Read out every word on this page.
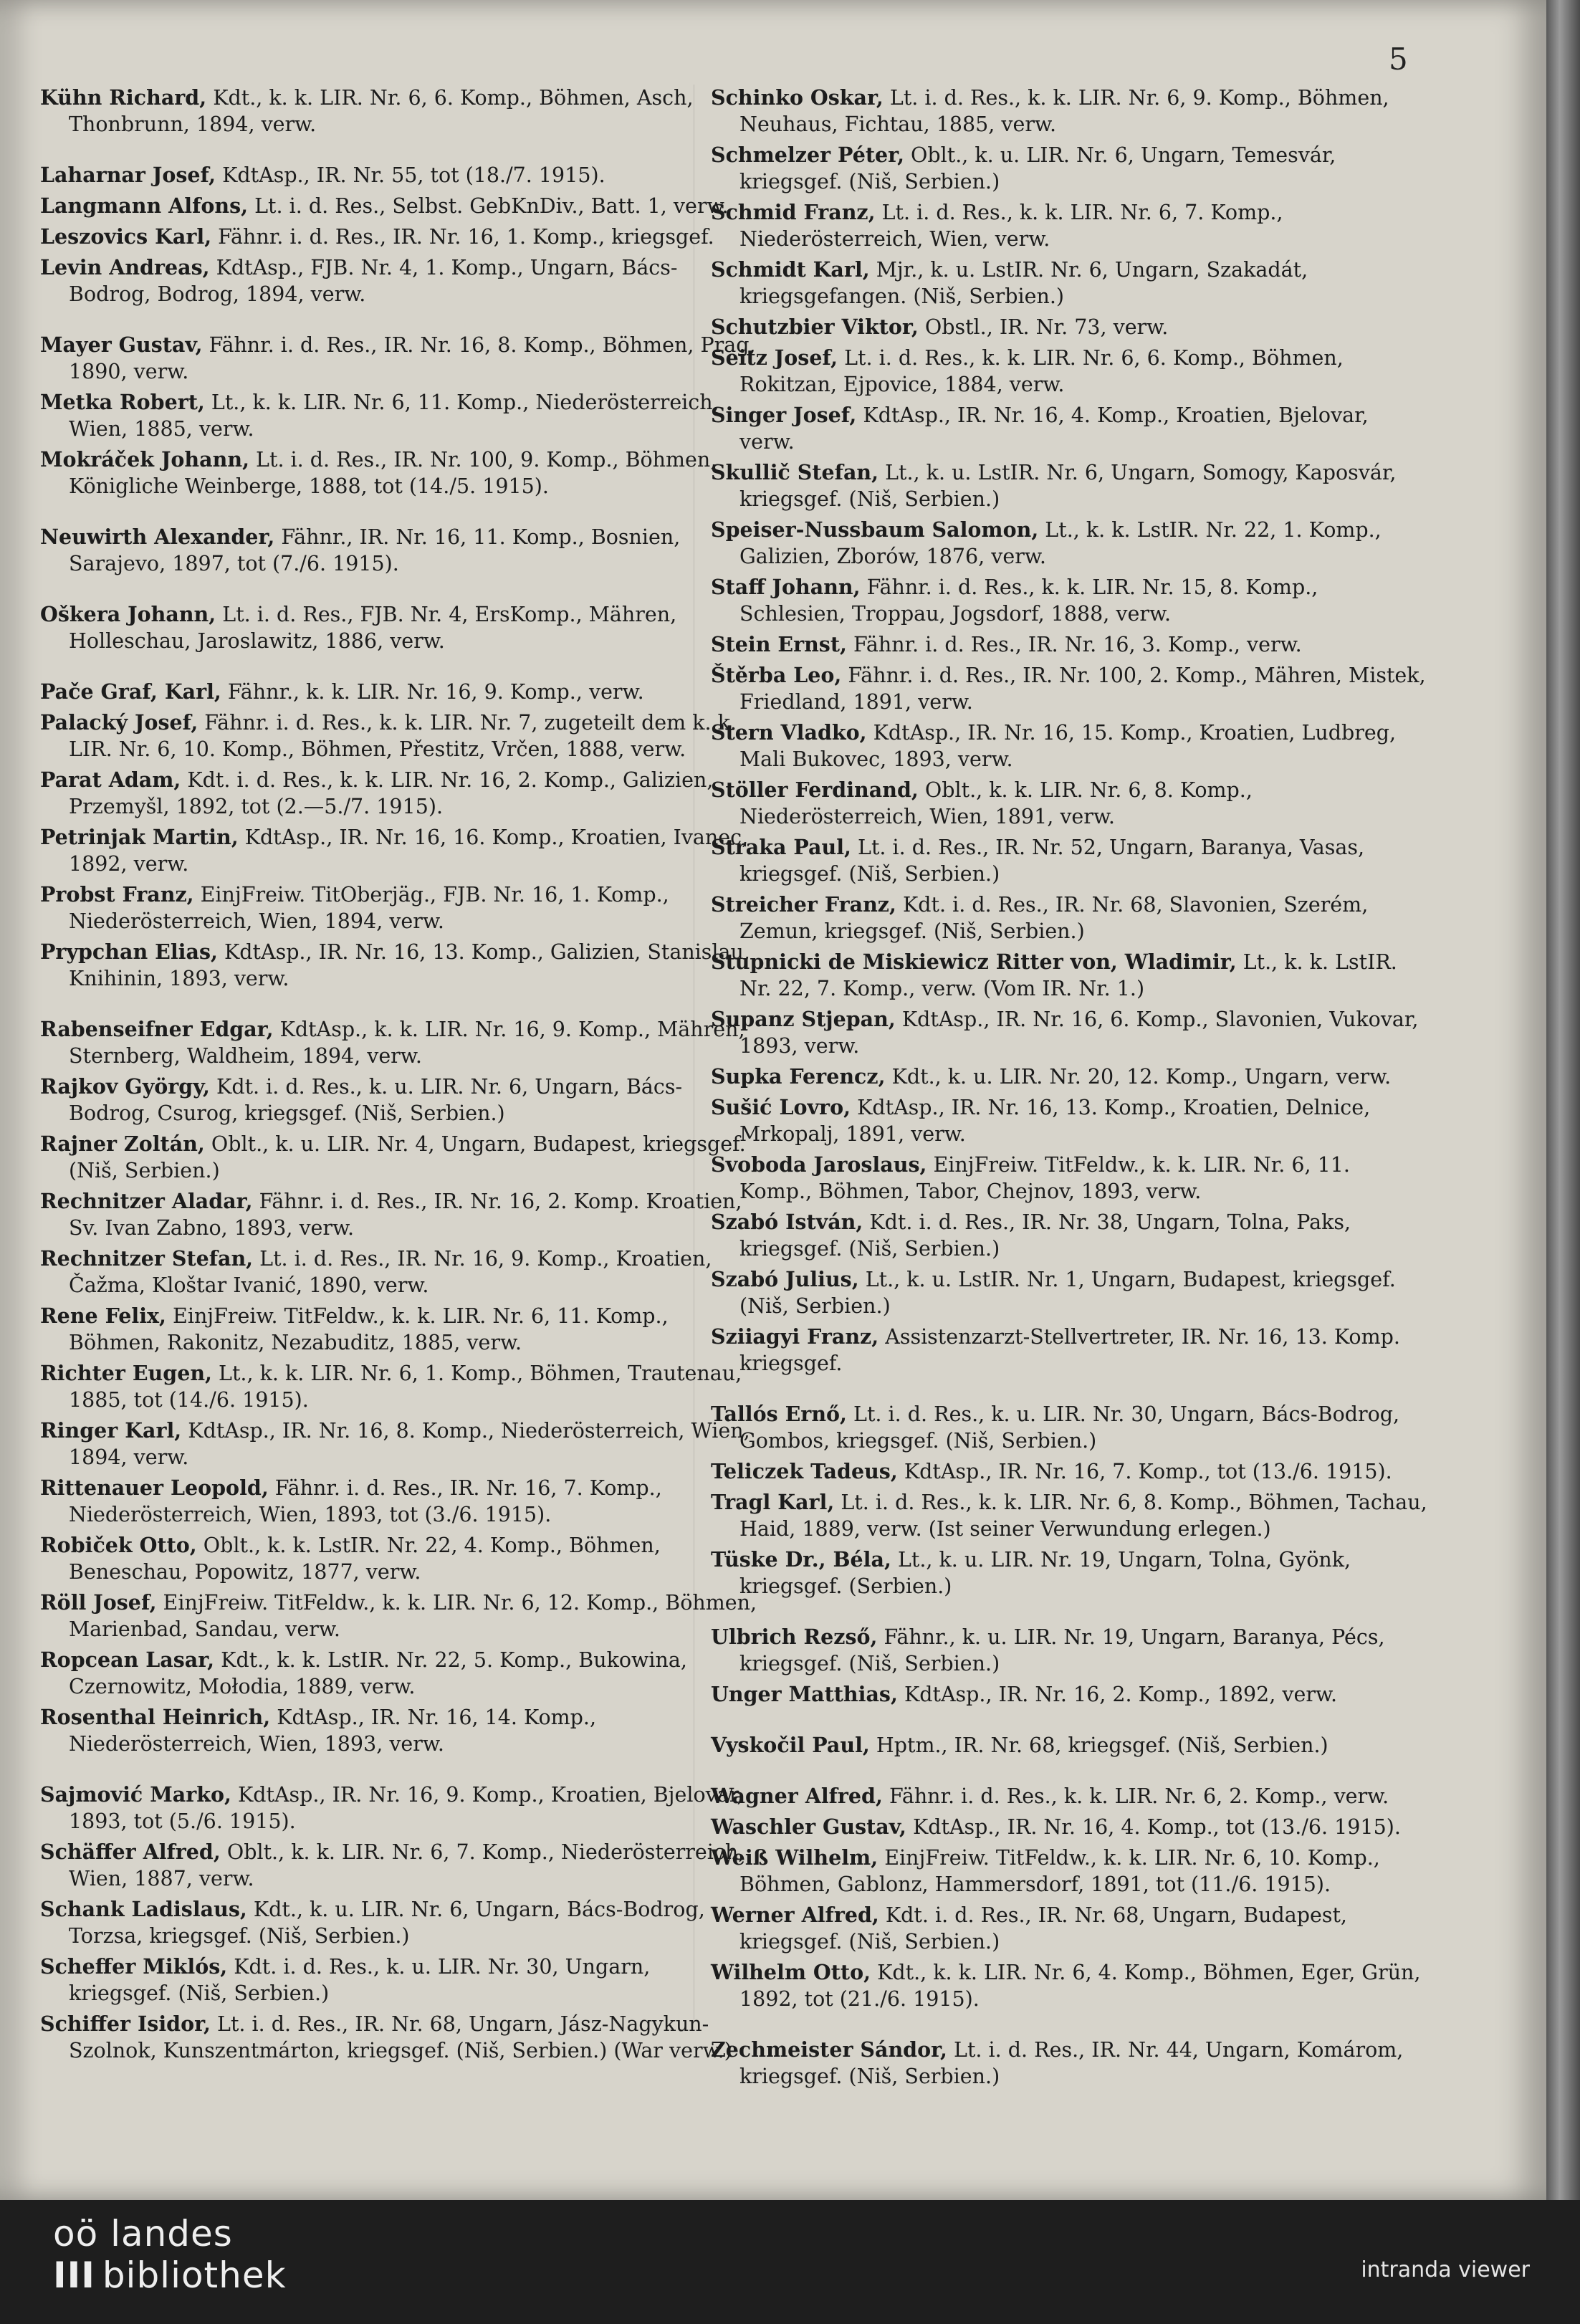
5
Kühn Richard, Kdt., k. k. LIR. Nr. 6, 6. Komp., Böhmen, Asch, Thonbrunn, 1894, verw.
Laharnar Josef, KdtAsp., IR. Nr. 55, tot (18./7. 1915).
Langmann Alfons, Lt. i. d. Res., Selbst. GebKnDiv., Batt. 1, verw.
Leszovics Karl, Fähnr. i. d. Res., IR. Nr. 16, 1. Komp., kriegsgef.
Levin Andreas, KdtAsp., FJB. Nr. 4, 1. Komp., Ungarn, Bács-Bodrog, Bodrog, 1894, verw.
Mayer Gustav, Fähnr. i. d. Res., IR. Nr. 16, 8. Komp., Böhmen, Prag, 1890, verw.
Metka Robert, Lt., k. k. LIR. Nr. 6, 11. Komp., Niederösterreich, Wien, 1885, verw.
Mokráček Johann, Lt. i. d. Res., IR. Nr. 100, 9. Komp., Böhmen, Königliche Weinberge, 1888, tot (14./5. 1915).
Neuwirth Alexander, Fähnr., IR. Nr. 16, 11. Komp., Bosnien, Sarajevo, 1897, tot (7./6. 1915).
Oškera Johann, Lt. i. d. Res., FJB. Nr. 4, ErsKomp., Mähren, Holleschau, Jaroslawitz, 1886, verw.
Pače Graf, Karl, Fähnr., k. k. LIR. Nr. 16, 9. Komp., verw.
Palacký Josef, Fähnr. i. d. Res., k. k. LIR. Nr. 7, zugeteilt dem k. k. LIR. Nr. 6, 10. Komp., Böhmen, Přestitz, Vrčen, 1888, verw.
Parat Adam, Kdt. i. d. Res., k. k. LIR. Nr. 16, 2. Komp., Galizien, Przemyšl, 1892, tot (2.—5./7. 1915).
Petrinjak Martin, KdtAsp., IR. Nr. 16, 16. Komp., Kroatien, Ivanec, 1892, verw.
Probst Franz, EinjFreiw. TitOberjäg., FJB. Nr. 16, 1. Komp., Niederösterreich, Wien, 1894, verw.
Prypchan Elias, KdtAsp., IR. Nr. 16, 13. Komp., Galizien, Stanislau, Knihinin, 1893, verw.
Rabenseifner Edgar, KdtAsp., k. k. LIR. Nr. 16, 9. Komp., Mähren, Sternberg, Waldheim, 1894, verw.
Rajkov György, Kdt. i. d. Res., k. u. LIR. Nr. 6, Ungarn, Bács-Bodrog, Csurog, kriegsgef. (Niš, Serbien.)
Rajner Zoltán, Oblt., k. u. LIR. Nr. 4, Ungarn, Budapest, kriegsgef. (Niš, Serbien.)
Rechnitzer Aladar, Fähnr. i. d. Res., IR. Nr. 16, 2. Komp. Kroatien, Sv. Ivan Zabno, 1893, verw.
Rechnitzer Stefan, Lt. i. d. Res., IR. Nr. 16, 9. Komp., Kroatien, Čažma, Kloštar Ivanić, 1890, verw.
Rene Felix, EinjFreiw. TitFeldw., k. k. LIR. Nr. 6, 11. Komp., Böhmen, Rakonitz, Nezabuditz, 1885, verw.
Richter Eugen, Lt., k. k. LIR. Nr. 6, 1. Komp., Böhmen, Trautenau, 1885, tot (14./6. 1915).
Ringer Karl, KdtAsp., IR. Nr. 16, 8. Komp., Niederösterreich, Wien, 1894, verw.
Rittenauer Leopold, Fähnr. i. d. Res., IR. Nr. 16, 7. Komp., Niederösterreich, Wien, 1893, tot (3./6. 1915).
Robiček Otto, Oblt., k. k. LstIR. Nr. 22, 4. Komp., Böhmen, Beneschau, Popowitz, 1877, verw.
Röll Josef, EinjFreiw. TitFeldw., k. k. LIR. Nr. 6, 12. Komp., Böhmen, Marienbad, Sandau, verw.
Ropcean Lasar, Kdt., k. k. LstIR. Nr. 22, 5. Komp., Bukowina, Czernowitz, Mołodia, 1889, verw.
Rosenthal Heinrich, KdtAsp., IR. Nr. 16, 14. Komp., Niederösterreich, Wien, 1893, verw.
Sajmović Marko, KdtAsp., IR. Nr. 16, 9. Komp., Kroatien, Bjelovar, 1893, tot (5./6. 1915).
Schäffer Alfred, Oblt., k. k. LIR. Nr. 6, 7. Komp., Niederösterreich, Wien, 1887, verw.
Schank Ladislaus, Kdt., k. u. LIR. Nr. 6, Ungarn, Bács-Bodrog, Torzsa, kriegsgef. (Niš, Serbien.)
Scheffer Miklós, Kdt. i. d. Res., k. u. LIR. Nr. 30, Ungarn, kriegsgef. (Niš, Serbien.)
Schiffer Isidor, Lt. i. d. Res., IR. Nr. 68, Ungarn, Jász-Nagykun-Szolnok, Kunszentmárton, kriegsgef. (Niš, Serbien.) (War verw.)
Schinko Oskar, Lt. i. d. Res., k. k. LIR. Nr. 6, 9. Komp., Böhmen, Neuhaus, Fichtau, 1885, verw.
Schmelzer Péter, Oblt., k. u. LIR. Nr. 6, Ungarn, Temesvár, kriegsgef. (Niš, Serbien.)
Schmid Franz, Lt. i. d. Res., k. k. LIR. Nr. 6, 7. Komp., Niederösterreich, Wien, verw.
Schmidt Karl, Mjr., k. u. LstIR. Nr. 6, Ungarn, Szakadát, kriegsgefangen. (Niš, Serbien.)
Schutzbier Viktor, Obstl., IR. Nr. 73, verw.
Seitz Josef, Lt. i. d. Res., k. k. LIR. Nr. 6, 6. Komp., Böhmen, Rokitzan, Ejpovice, 1884, verw.
Singer Josef, KdtAsp., IR. Nr. 16, 4. Komp., Kroatien, Bjelovar, verw.
Skullič Stefan, Lt., k. u. LstIR. Nr. 6, Ungarn, Somogy, Kaposvár, kriegsgef. (Niš, Serbien.)
Speiser-Nussbaum Salomon, Lt., k. k. LstIR. Nr. 22, 1. Komp., Galizien, Zborów, 1876, verw.
Staff Johann, Fähnr. i. d. Res., k. k. LIR. Nr. 15, 8. Komp., Schlesien, Troppau, Jogsdorf, 1888, verw.
Stein Ernst, Fähnr. i. d. Res., IR. Nr. 16, 3. Komp., verw.
Štěrba Leo, Fähnr. i. d. Res., IR. Nr. 100, 2. Komp., Mähren, Mistek, Friedland, 1891, verw.
Stern Vladko, KdtAsp., IR. Nr. 16, 15. Komp., Kroatien, Ludbreg, Mali Bukovec, 1893, verw.
Stöller Ferdinand, Oblt., k. k. LIR. Nr. 6, 8. Komp., Niederösterreich, Wien, 1891, verw.
Straka Paul, Lt. i. d. Res., IR. Nr. 52, Ungarn, Baranya, Vasas, kriegsgef. (Niš, Serbien.)
Streicher Franz, Kdt. i. d. Res., IR. Nr. 68, Slavonien, Szerém, Zemun, kriegsgef. (Niš, Serbien.)
Stupnicki de Miskiewicz Ritter von, Wladimir, Lt., k. k. LstIR. Nr. 22, 7. Komp., verw. (Vom IR. Nr. 1.)
Supanz Stjepan, KdtAsp., IR. Nr. 16, 6. Komp., Slavonien, Vukovar, 1893, verw.
Supka Ferencz, Kdt., k. u. LIR. Nr. 20, 12. Komp., Ungarn, verw.
Sušić Lovro, KdtAsp., IR. Nr. 16, 13. Komp., Kroatien, Delnice, Mrkopalj, 1891, verw.
Svoboda Jaroslaus, EinjFreiw. TitFeldw., k. k. LIR. Nr. 6, 11. Komp., Böhmen, Tabor, Chejnov, 1893, verw.
Szabó István, Kdt. i. d. Res., IR. Nr. 38, Ungarn, Tolna, Paks, kriegsgef. (Niš, Serbien.)
Szabó Julius, Lt., k. u. LstIR. Nr. 1, Ungarn, Budapest, kriegsgef. (Niš, Serbien.)
Sziiagyi Franz, Assistenzarzt-Stellvertreter, IR. Nr. 16, 13. Komp. kriegsgef.
Tallós Ernő, Lt. i. d. Res., k. u. LIR. Nr. 30, Ungarn, Bács-Bodrog, Gombos, kriegsgef. (Niš, Serbien.)
Teliczek Tadeus, KdtAsp., IR. Nr. 16, 7. Komp., tot (13./6. 1915).
Tragl Karl, Lt. i. d. Res., k. k. LIR. Nr. 6, 8. Komp., Böhmen, Tachau, Haid, 1889, verw. (Ist seiner Verwundung erlegen.)
Tüske Dr., Béla, Lt., k. u. LIR. Nr. 19, Ungarn, Tolna, Gyönk, kriegsgef. (Serbien.)
Ulbrich Rezső, Fähnr., k. u. LIR. Nr. 19, Ungarn, Baranya, Pécs, kriegsgef. (Niš, Serbien.)
Unger Matthias, KdtAsp., IR. Nr. 16, 2. Komp., 1892, verw.
Vyskočil Paul, Hptm., IR. Nr. 68, kriegsgef. (Niš, Serbien.)
Wagner Alfred, Fähnr. i. d. Res., k. k. LIR. Nr. 6, 2. Komp., verw.
Waschler Gustav, KdtAsp., IR. Nr. 16, 4. Komp., tot (13./6. 1915).
Weiß Wilhelm, EinjFreiw. TitFeldw., k. k. LIR. Nr. 6, 10. Komp., Böhmen, Gablonz, Hammersdorf, 1891, tot (11./6. 1915).
Werner Alfred, Kdt. i. d. Res., IR. Nr. 68, Ungarn, Budapest, kriegsgef. (Niš, Serbien.)
Wilhelm Otto, Kdt., k. k. LIR. Nr. 6, 4. Komp., Böhmen, Eger, Grün, 1892, tot (21./6. 1915).
Zechmeister Sándor, Lt. i. d. Res., IR. Nr. 44, Ungarn, Komárom, kriegsgef. (Niš, Serbien.)
oö landes
III bibliothek	intranda viewer
